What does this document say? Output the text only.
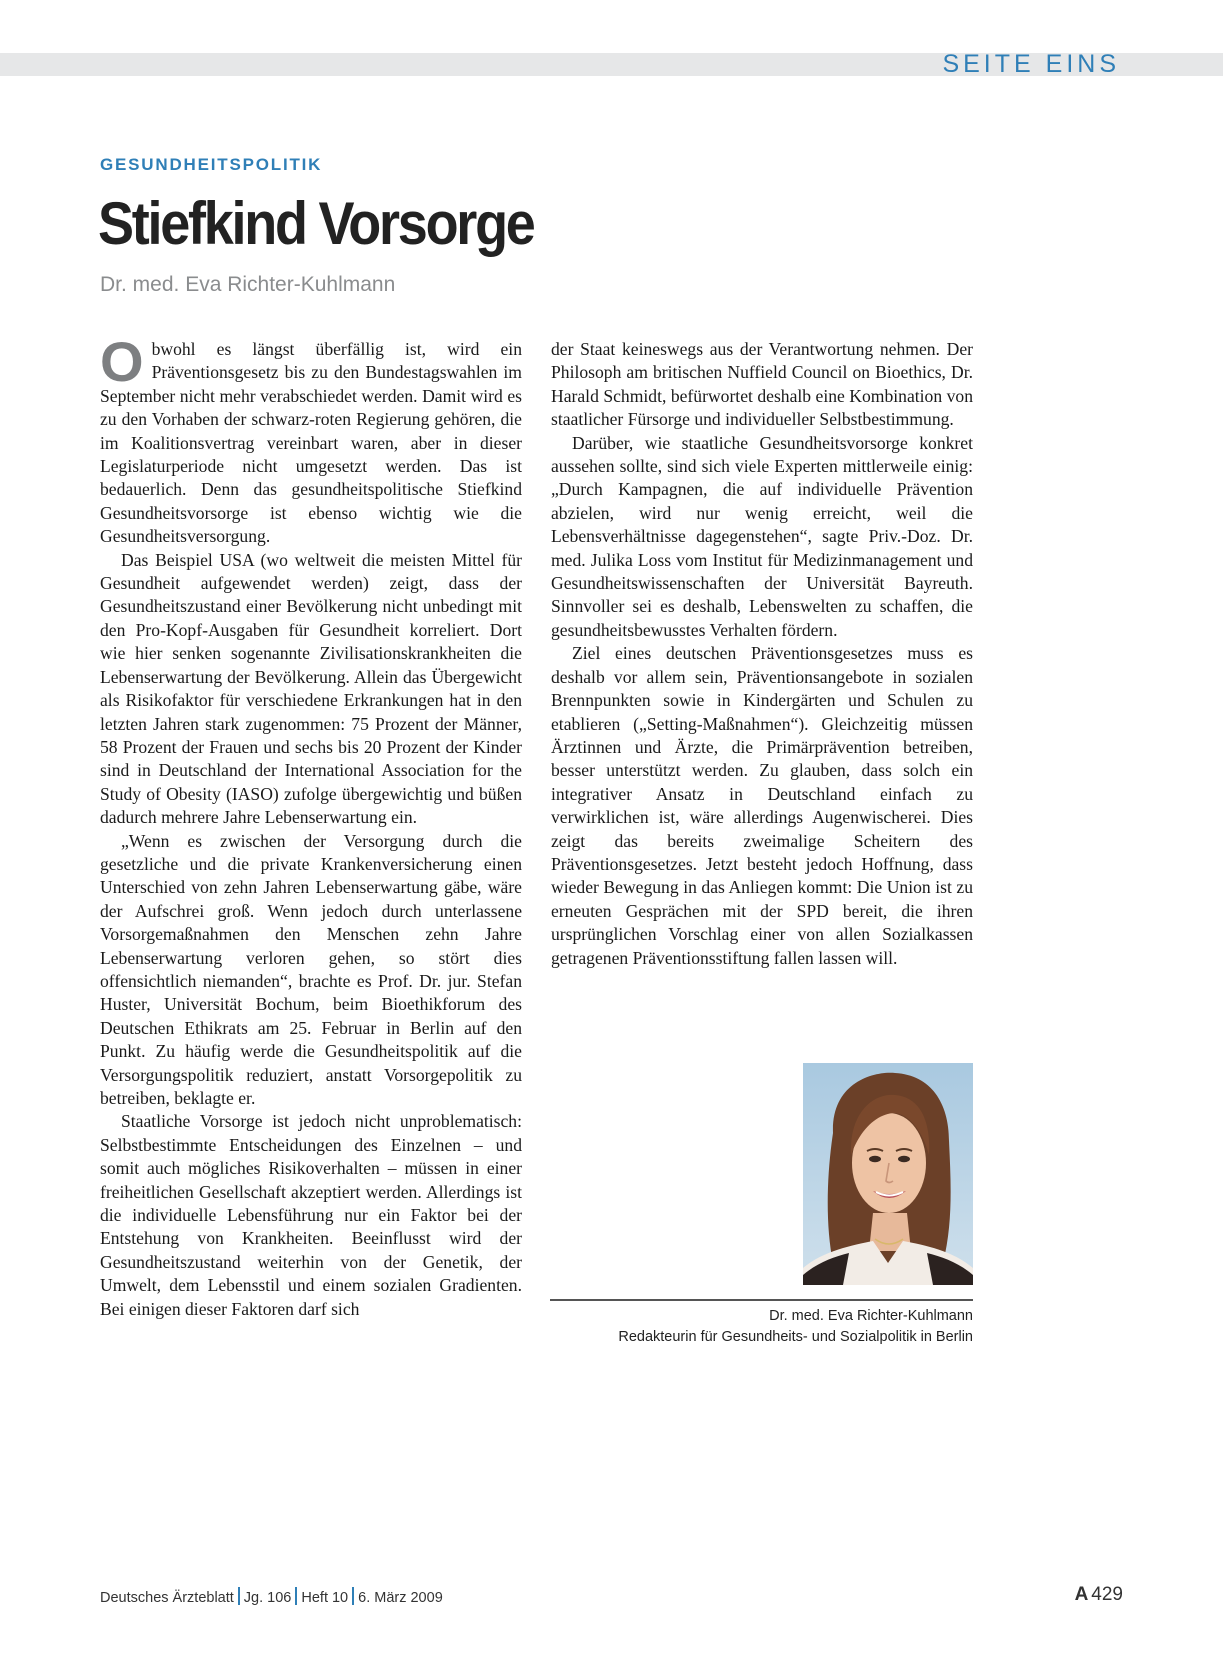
SEITE EINS
GESUNDHEITSPOLITIK
Stiefkind Vorsorge
Dr. med. Eva Richter-Kuhlmann

Obwohl es längst überfällig ist, wird ein Präventionsgesetz bis zu den Bundestagswahlen im September nicht mehr verabschiedet werden. Damit wird es zu den Vorhaben der schwarz-roten Regierung gehören, die im Koalitionsvertrag vereinbart waren, aber in dieser Legislaturperiode nicht umgesetzt werden. Das ist bedauerlich. Denn das gesundheitspolitische Stiefkind Gesundheitsvorsorge ist ebenso wichtig wie die Gesundheitsversorgung.

Das Beispiel USA (wo weltweit die meisten Mittel für Gesundheit aufgewendet werden) zeigt, dass der Gesundheitszustand einer Bevölkerung nicht unbedingt mit den Pro-Kopf-Ausgaben für Gesundheit korreliert. Dort wie hier senken sogenannte Zivilisationskrankheiten die Lebenserwartung der Bevölkerung. Allein das Übergewicht als Risikofaktor für verschiedene Erkrankungen hat in den letzten Jahren stark zugenommen: 75 Prozent der Männer, 58 Prozent der Frauen und sechs bis 20 Prozent der Kinder sind in Deutschland der International Association for the Study of Obesity (IASO) zufolge übergewichtig und büßen dadurch mehrere Jahre Lebenserwartung ein.

„Wenn es zwischen der Versorgung durch die gesetzliche und die private Krankenversicherung einen Unterschied von zehn Jahren Lebenserwartung gäbe, wäre der Aufschrei groß. Wenn jedoch durch unterlassene Vorsorgemaßnahmen den Menschen zehn Jahre Lebenserwartung verloren gehen, so stört dies offensichtlich niemanden“, brachte es Prof. Dr. jur. Stefan Huster, Universität Bochum, beim Bioethikforum des Deutschen Ethikrats am 25. Februar in Berlin auf den Punkt. Zu häufig werde die Gesundheitspolitik auf die Versorgungspolitik reduziert, anstatt Vorsorgepolitik zu betreiben, beklagte er.

Staatliche Vorsorge ist jedoch nicht unproblematisch: Selbstbestimmte Entscheidungen des Einzelnen – und somit auch mögliches Risikoverhalten – müssen in einer freiheitlichen Gesellschaft akzeptiert werden. Allerdings ist die individuelle Lebensführung nur ein Faktor bei der Entstehung von Krankheiten. Beeinflusst wird der Gesundheitszustand weiterhin von der Genetik, der Umwelt, dem Lebensstil und einem sozialen Gradienten. Bei einigen dieser Faktoren darf sich

der Staat keineswegs aus der Verantwortung nehmen. Der Philosoph am britischen Nuffield Council on Bioethics, Dr. Harald Schmidt, befürwortet deshalb eine Kombination von staatlicher Fürsorge und individueller Selbstbestimmung.

Darüber, wie staatliche Gesundheitsvorsorge konkret aussehen sollte, sind sich viele Experten mittlerweile einig: „Durch Kampagnen, die auf individuelle Prävention abzielen, wird nur wenig erreicht, weil die Lebensverhältnisse dagegenstehen“, sagte Priv.-Doz. Dr. med. Julika Loss vom Institut für Medizinmanagement und Gesundheitswissenschaften der Universität Bayreuth. Sinnvoller sei es deshalb, Lebenswelten zu schaffen, die gesundheitsbewusstes Verhalten fördern.

Ziel eines deutschen Präventionsgesetzes muss es deshalb vor allem sein, Präventionsangebote in sozialen Brennpunkten sowie in Kindergärten und Schulen zu etablieren („Setting-Maßnahmen“). Gleichzeitig müssen Ärztinnen und Ärzte, die Primärprävention betreiben, besser unterstützt werden. Zu glauben, dass solch ein integrativer Ansatz in Deutschland einfach zu verwirklichen ist, wäre allerdings Augenwischerei. Dies zeigt das bereits zweimalige Scheitern des Präventionsgesetzes. Jetzt besteht jedoch Hoffnung, dass wieder Bewegung in das Anliegen kommt: Die Union ist zu erneuten Gesprächen mit der SPD bereit, die ihren ursprünglichen Vorschlag einer von allen Sozialkassen getragenen Präventionsstiftung fallen lassen will.

Dr. med. Eva Richter-Kuhlmann
Redakteurin für Gesundheits- und Sozialpolitik in Berlin
Deutsches Ärzteblatt Jg. 106 Heft 10 6. März 2009	A 429
